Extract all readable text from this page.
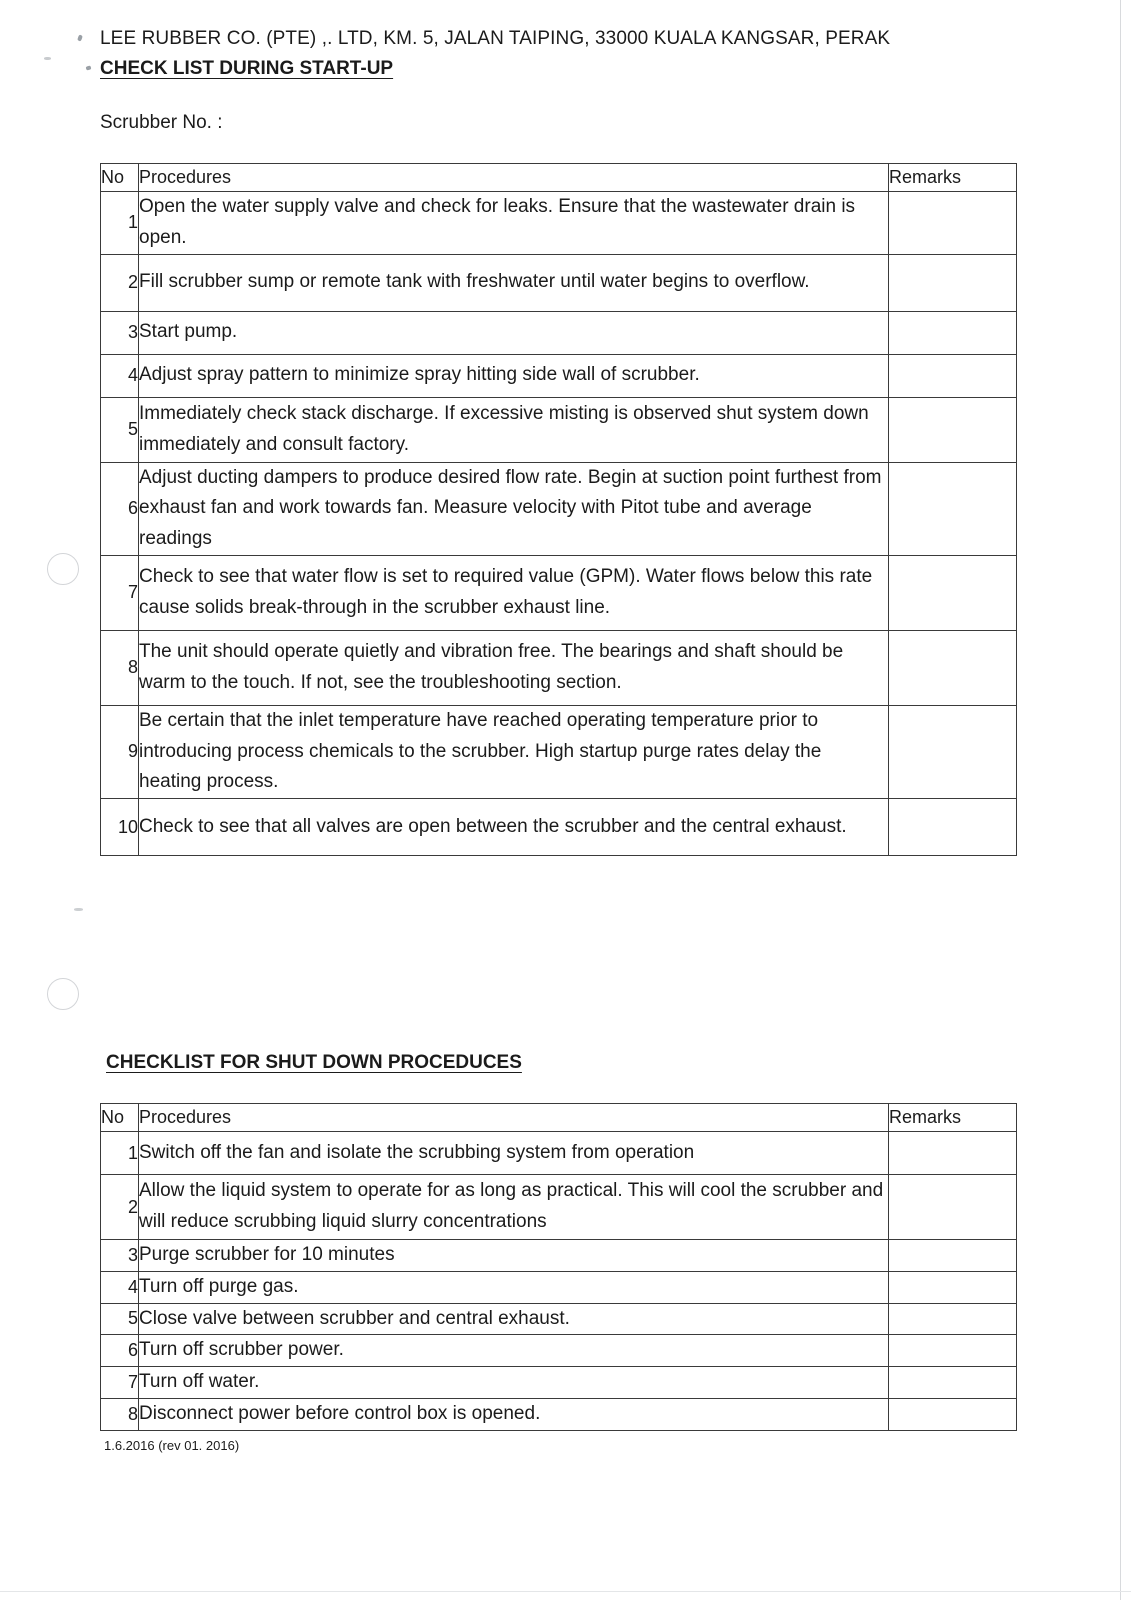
LEE RUBBER CO. (PTE) ,. LTD, KM. 5, JALAN TAIPING, 33000 KUALA KANGSAR, PERAK
CHECK LIST DURING START-UP
Scrubber No. :
No	Procedures	Remarks
1	Open the water supply valve and check for leaks. Ensure that the wastewater drain is open.	
2	Fill scrubber sump or remote tank with freshwater until water begins to overflow.	
3	Start pump.	
4	Adjust spray pattern to minimize spray hitting side wall of scrubber.	
5	Immediately check stack discharge. If excessive misting is observed shut system down immediately and consult factory.	
6	Adjust ducting dampers to produce desired flow rate. Begin at suction point furthest from exhaust fan and work towards fan. Measure velocity with Pitot tube and average readings	
7	Check to see that water flow is set to required value (GPM). Water flows below this rate cause solids break-through in the scrubber exhaust line.	
8	The unit should operate quietly and vibration free. The bearings and shaft should be warm to the touch. If not, see the troubleshooting section.	
9	Be certain that the inlet temperature have reached operating temperature prior to introducing process chemicals to the scrubber. High startup purge rates delay the heating process.	
10	Check to see that all valves are open between the scrubber and the central exhaust.	
CHECKLIST FOR SHUT DOWN PROCEDUCES
No	Procedures	Remarks
1	Switch off the fan and isolate the scrubbing system from operation	
2	Allow the liquid system to operate for as long as practical. This will cool the scrubber and will reduce scrubbing liquid slurry concentrations	
3	Purge scrubber for 10 minutes	
4	Turn off purge gas.	
5	Close valve between scrubber and central exhaust.	
6	Turn off scrubber power.	
7	Turn off water.	
8	Disconnect power before control box is opened.	
1.6.2016 (rev 01. 2016)
